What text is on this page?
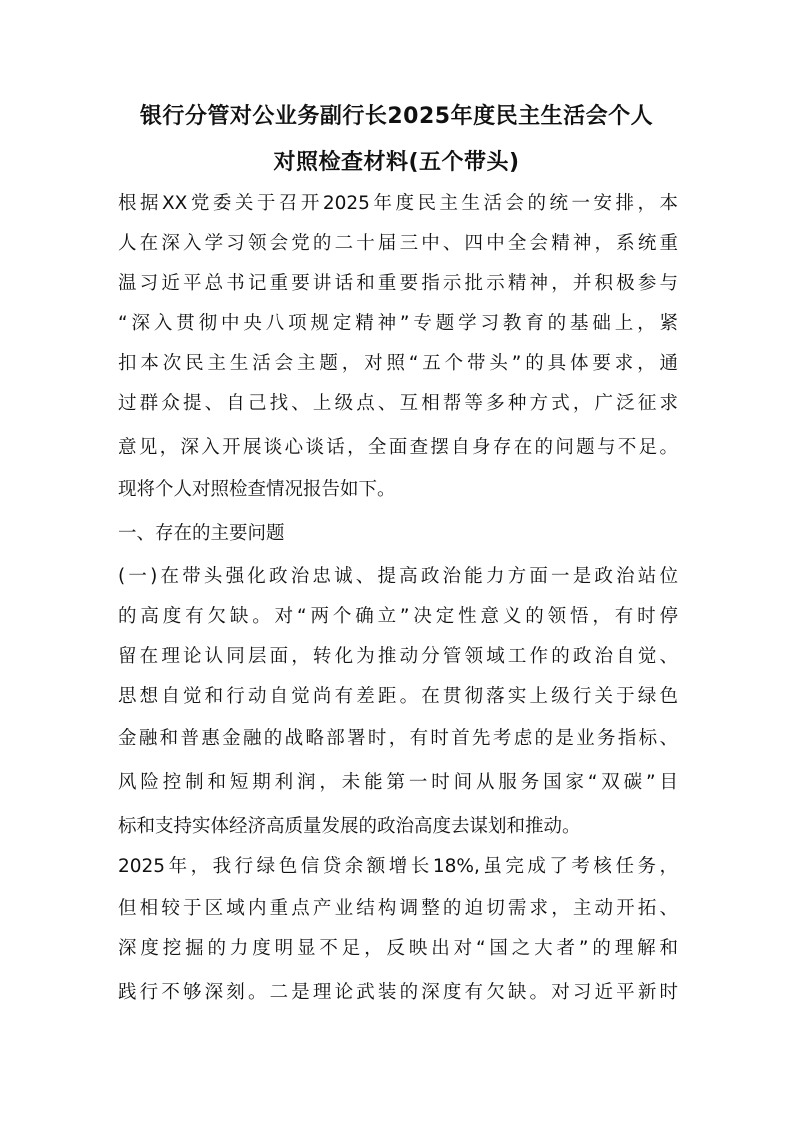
银行分管对公业务副行长2025年度民主生活会个人
对照检查材料(五个带头)
根据XX党委关于召开2025年度民主生活会的统一安排，本
人在深入学习领会党的二十届三中、四中全会精神，系统重
温习近平总书记重要讲话和重要指示批示精神，并积极参与
“深入贯彻中央八项规定精神”专题学习教育的基础上，紧
扣本次民主生活会主题，对照“五个带头”的具体要求，通
过群众提、自己找、上级点、互相帮等多种方式，广泛征求
意见，深入开展谈心谈话，全面查摆自身存在的问题与不足。
现将个人对照检查情况报告如下。
一、存在的主要问题
(一)在带头强化政治忠诚、提高政治能力方面一是政治站位
的高度有欠缺。对“两个确立”决定性意义的领悟，有时停
留在理论认同层面，转化为推动分管领域工作的政治自觉、
思想自觉和行动自觉尚有差距。在贯彻落实上级行关于绿色
金融和普惠金融的战略部署时，有时首先考虑的是业务指标、
风险控制和短期利润，未能第一时间从服务国家“双碳”目
标和支持实体经济高质量发展的政治高度去谋划和推动。
2025年，我行绿色信贷余额增长18%,虽完成了考核任务，
但相较于区域内重点产业结构调整的迫切需求，主动开拓、
深度挖掘的力度明显不足，反映出对“国之大者”的理解和
践行不够深刻。二是理论武装的深度有欠缺。对习近平新时
